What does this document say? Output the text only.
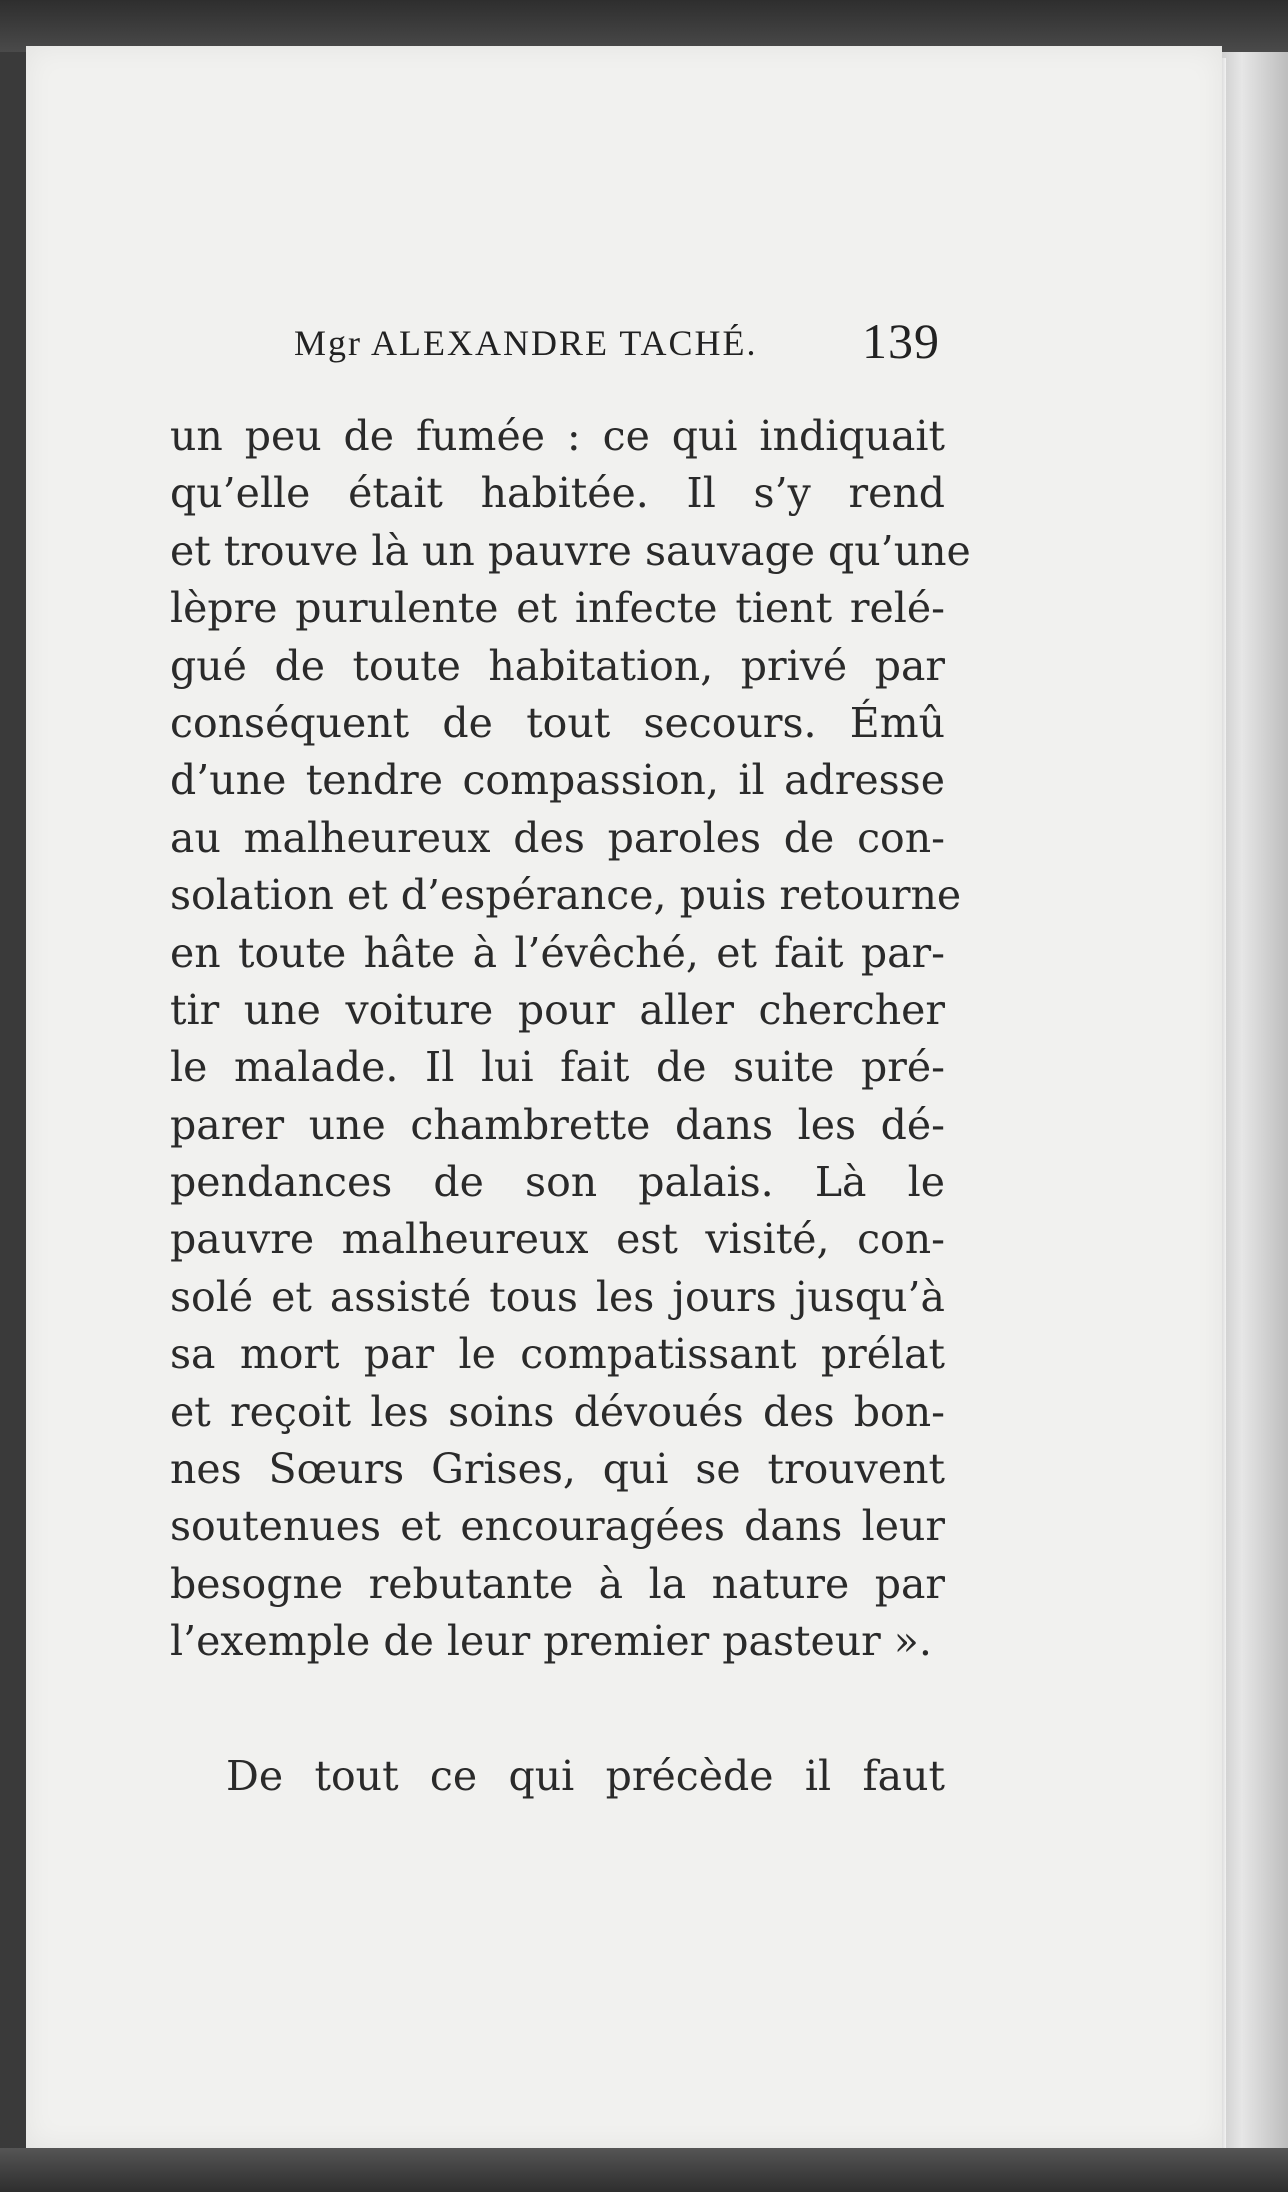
Mgr ALEXANDRE TACHÉ. 139
un peu de fumée : ce qui indiquait
qu’elle était habitée. Il s’y rend
et trouve là un pauvre sauvage qu’une
lèpre purulente et infecte tient relé-
gué de toute habitation, privé par
conséquent de tout secours. Émû
d’une tendre compassion, il adresse
au malheureux des paroles de con-
solation et d’espérance, puis retourne
en toute hâte à l’évêché, et fait par-
tir une voiture pour aller chercher
le malade. Il lui fait de suite pré-
parer une chambrette dans les dé-
pendances de son palais. Là le
pauvre malheureux est visité, con-
solé et assisté tous les jours jusqu’à
sa mort par le compatissant prélat
et reçoit les soins dévoués des bon-
nes Sœurs Grises, qui se trouvent
soutenues et encouragées dans leur
besogne rebutante à la nature par
l’exemple de leur premier pasteur ».
De tout ce qui précède il faut
